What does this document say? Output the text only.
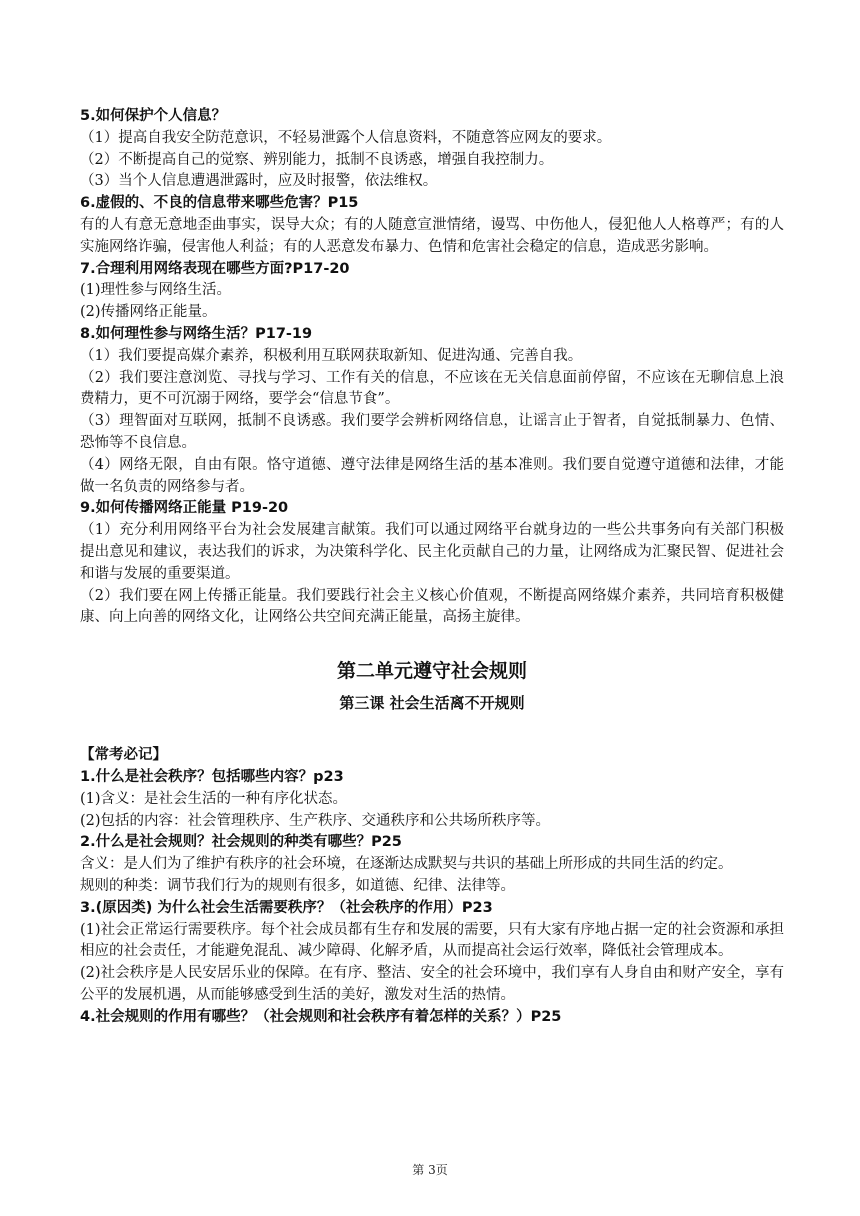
5.如何保护个人信息？
（1）提高自我安全防范意识，不轻易泄露个人信息资料，不随意答应网友的要求。
（2）不断提高自己的觉察、辨别能力，抵制不良诱惑，增强自我控制力。
（3）当个人信息遭遇泄露时，应及时报警，依法维权。
6.虚假的、不良的信息带来哪些危害？P15
有的人有意无意地歪曲事实，误导大众；有的人随意宣泄情绪，谩骂、中伤他人，侵犯他人人格尊严；有的人实施网络诈骗，侵害他人利益；有的人恶意发布暴力、色情和危害社会稳定的信息，造成恶劣影响。
7.合理利用网络表现在哪些方面?P17-20
(1)理性参与网络生活。
(2)传播网络正能量。
8.如何理性参与网络生活？P17-19
（1）我们要提高媒介素养，积极利用互联网获取新知、促进沟通、完善自我。
（2）我们要注意浏览、寻找与学习、工作有关的信息，不应该在无关信息面前停留，不应该在无聊信息上浪费精力，更不可沉溺于网络，要学会“信息节食”。
（3）理智面对互联网，抵制不良诱惑。我们要学会辨析网络信息，让谣言止于智者，自觉抵制暴力、色情、恐怖等不良信息。
（4）网络无限，自由有限。恪守道德、遵守法律是网络生活的基本准则。我们要自觉遵守道德和法律，才能做一名负责的网络参与者。
9.如何传播网络正能量 P19-20
（1）充分利用网络平台为社会发展建言献策。我们可以通过网络平台就身边的一些公共事务向有关部门积极提出意见和建议，表达我们的诉求，为决策科学化、民主化贡献自己的力量，让网络成为汇聚民智、促进社会和谐与发展的重要渠道。
（2）我们要在网上传播正能量。我们要践行社会主义核心价值观，不断提高网络媒介素养，共同培育积极健康、向上向善的网络文化，让网络公共空间充满正能量，高扬主旋律。
第二单元遵守社会规则
第三课 社会生活离不开规则
【常考必记】
1.什么是社会秩序？包括哪些内容？p23
(1)含义：是社会生活的一种有序化状态。
(2)包括的内容：社会管理秩序、生产秩序、交通秩序和公共场所秩序等。
2.什么是社会规则？社会规则的种类有哪些？P25
含义：是人们为了维护有秩序的社会环境，在逐渐达成默契与共识的基础上所形成的共同生活的约定。
规则的种类：调节我们行为的规则有很多，如道德、纪律、法律等。
3.(原因类) 为什么社会生活需要秩序？（社会秩序的作用）P23
(1)社会正常运行需要秩序。每个社会成员都有生存和发展的需要，只有大家有序地占据一定的社会资源和承担相应的社会责任，才能避免混乱、减少障碍、化解矛盾，从而提高社会运行效率，降低社会管理成本。
(2)社会秩序是人民安居乐业的保障。在有序、整洁、安全的社会环境中，我们享有人身自由和财产安全，享有公平的发展机遇，从而能够感受到生活的美好，激发对生活的热情。
4.社会规则的作用有哪些？（社会规则和社会秩序有着怎样的关系？）P25
第 3页
